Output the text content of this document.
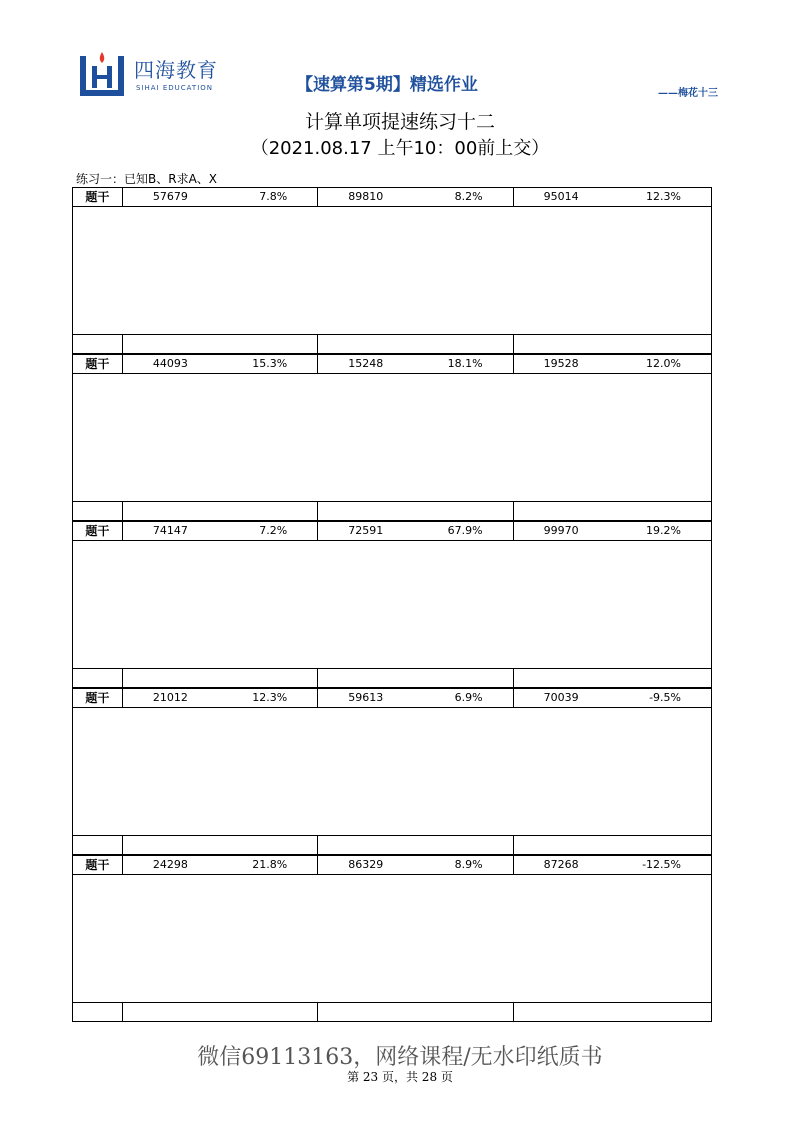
四海教育
SIHAI EDUCATION	【速算第5期】精选作业	——梅花十三
计算单项提速练习十二
（2021.08.17 上午10：00前上交）
练习一：已知B、R求A、X
题干	57679	7.8%	89810	8.2%	95014	12.3%
题干	44093	15.3%	15248	18.1%	19528	12.0%
题干	74147	7.2%	72591	67.9%	99970	19.2%
题干	21012	12.3%	59613	6.9%	70039	-9.5%
题干	24298	21.8%	86329	8.9%	87268	-12.5%
微信69113163，网络课程/无水印纸质书
第 23 页，共 28 页
